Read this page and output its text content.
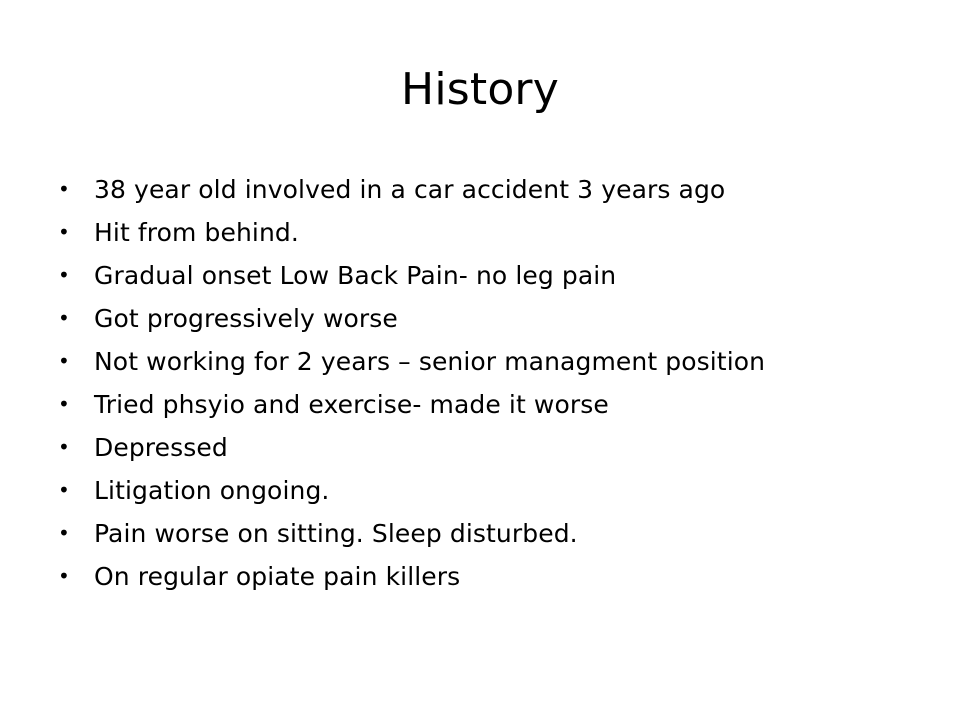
History
• 38 year old involved in a car accident 3 years ago
• Hit from behind.
• Gradual onset Low Back Pain- no leg pain
• Got progressively worse
• Not working for 2 years – senior managment position
• Tried phsyio and exercise- made it worse
• Depressed
• Litigation ongoing.
• Pain worse on sitting. Sleep disturbed.
• On regular opiate pain killers
